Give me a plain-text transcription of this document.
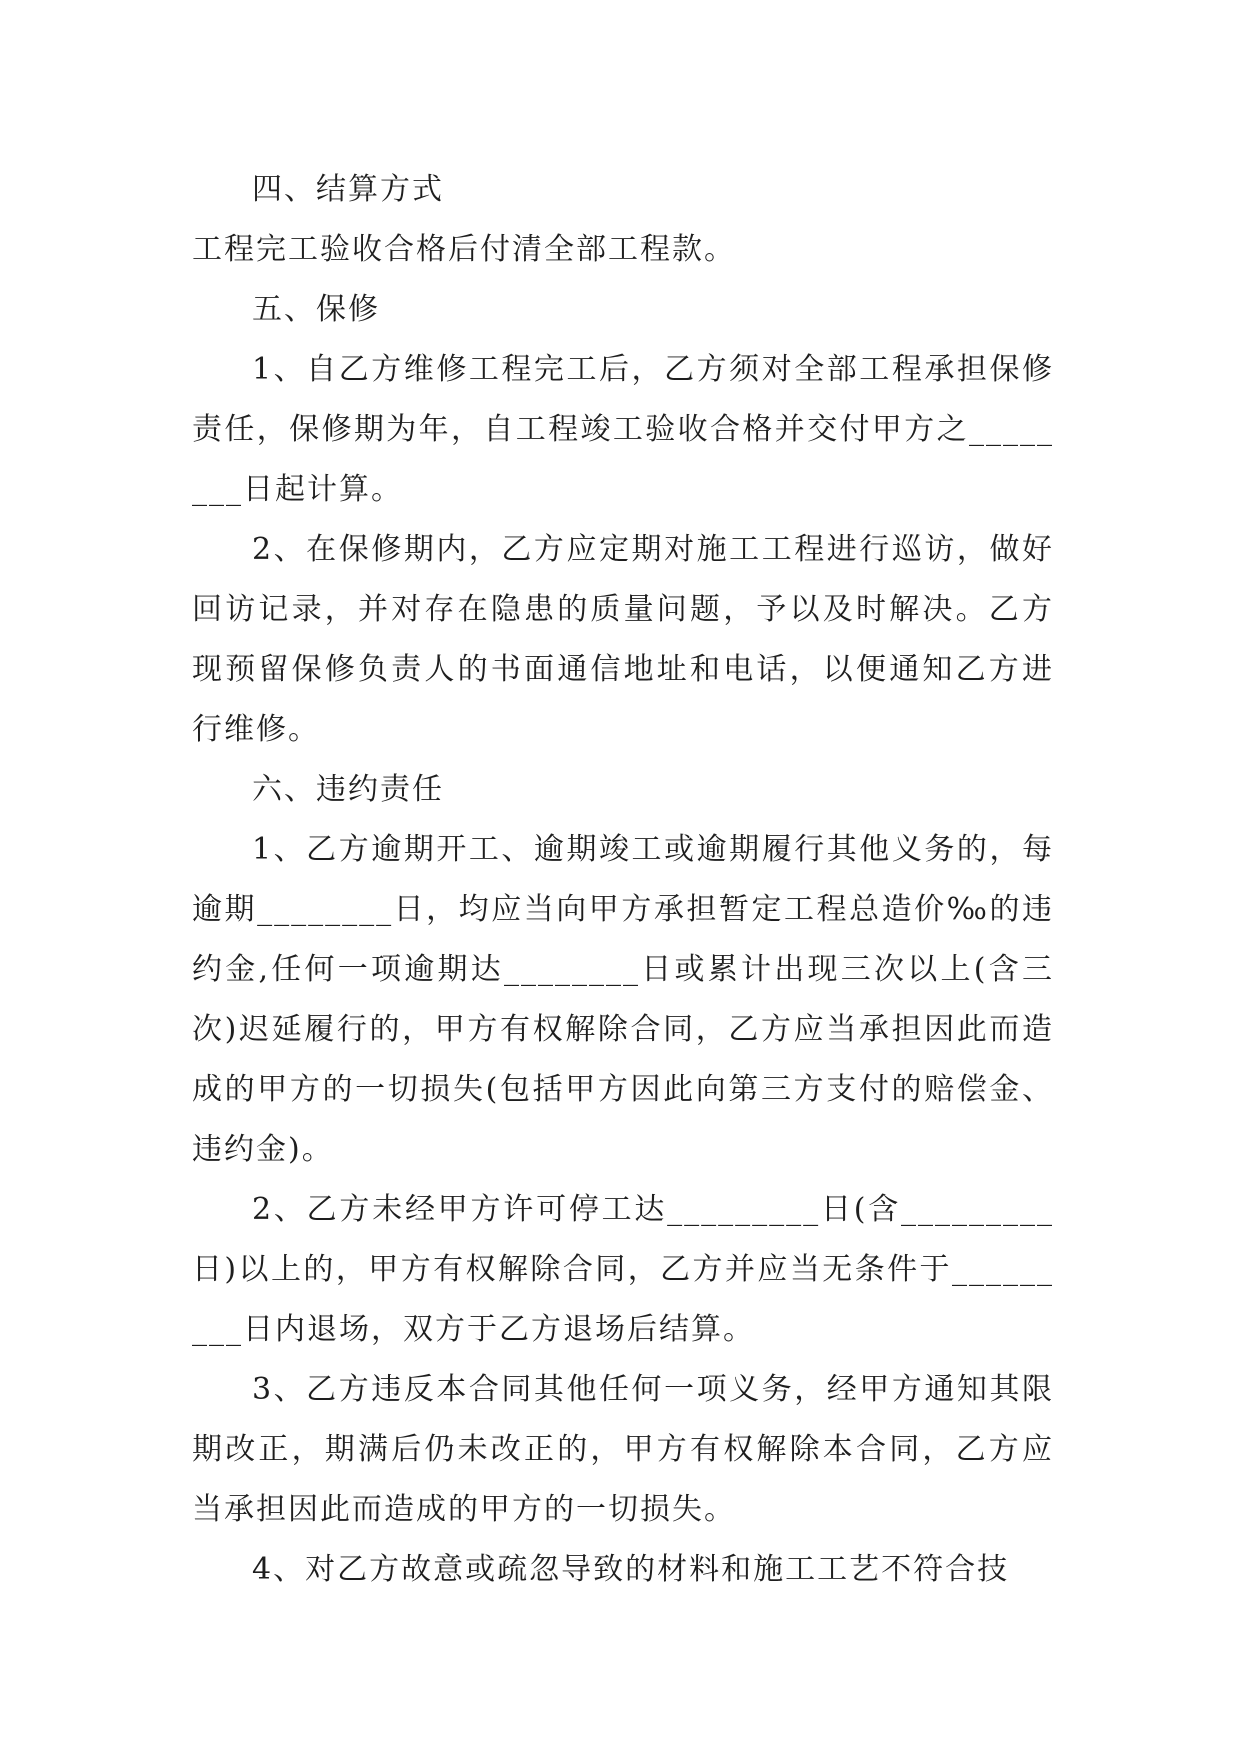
四、结算方式

工程完工验收合格后付清全部工程款。

五、保修

1、自乙方维修工程完工后，乙方须对全部工程承担保修责任，保修期为年，自工程竣工验收合格并交付甲方之________日起计算。

2、在保修期内，乙方应定期对施工工程进行巡访，做好回访记录，并对存在隐患的质量问题，予以及时解决。乙方现预留保修负责人的书面通信地址和电话，以便通知乙方进行维修。

六、违约责任

1、乙方逾期开工、逾期竣工或逾期履行其他义务的，每逾期________日，均应当向甲方承担暂定工程总造价‰的违约金,任何一项逾期达________日或累计出现三次以上(含三次)迟延履行的，甲方有权解除合同，乙方应当承担因此而造成的甲方的一切损失(包括甲方因此向第三方支付的赔偿金、违约金)。

2、乙方未经甲方许可停工达_________日(含_________日)以上的，甲方有权解除合同，乙方并应当无条件于_________日内退场，双方于乙方退场后结算。

3、乙方违反本合同其他任何一项义务，经甲方通知其限期改正，期满后仍未改正的，甲方有权解除本合同，乙方应当承担因此而造成的甲方的一切损失。

4、对乙方故意或疏忽导致的材料和施工工艺不符合技
